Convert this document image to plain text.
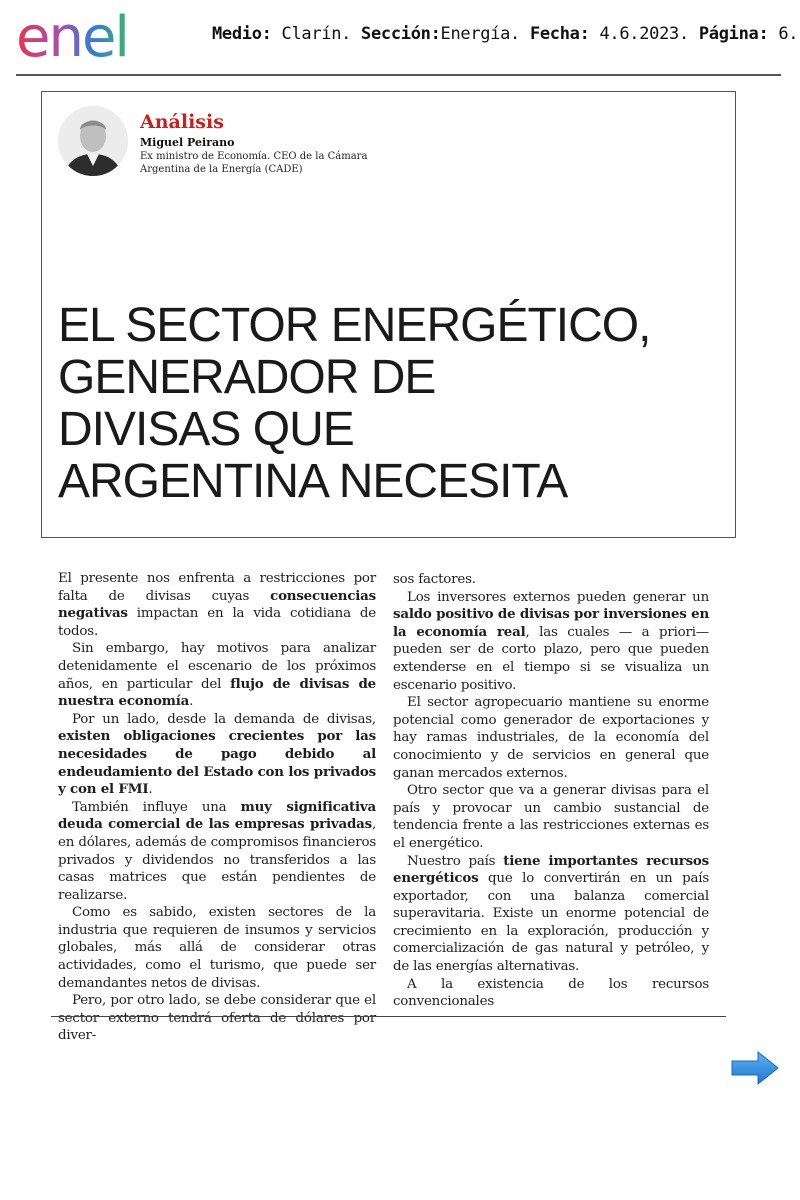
enel	Medio: Clarín. Sección:Energía. Fecha: 4.6.2023. Página: 6.
Análisis
Miguel Peirano
Ex ministro de Economía. CEO de la Cámara Argentina de la Energía (CADE)
EL SECTOR ENERGÉTICO,
GENERADOR DE
DIVISAS QUE
ARGENTINA NECESITA

El presente nos enfrenta a restricciones por falta de divisas cuyas consecuencias negativas impactan en la vida cotidiana de todos.

Sin embargo, hay motivos para analizar detenidamente el escenario de los próximos años, en particular del flujo de divisas de nuestra economía.

Por un lado, desde la demanda de divisas, existen obligaciones crecientes por las necesidades de pago debido al endeudamiento del Estado con los privados y con el FMI.

También influye una muy significativa deuda comercial de las empresas privadas, en dólares, además de compromisos financieros privados y dividendos no transferidos a las casas matrices que están pendientes de realizarse.

Como es sabido, existen sectores de la industria que requieren de insumos y servicios globales, más allá de considerar otras actividades, como el turismo, que puede ser demandantes netos de divisas.

Pero, por otro lado, se debe considerar que el sector externo tendrá oferta de dólares por diver-

sos factores.

Los inversores externos pueden generar un saldo positivo de divisas por inversiones en la economía real, las cuales — a priori— pueden ser de corto plazo, pero que pueden extenderse en el tiempo si se visualiza un escenario positivo.

El sector agropecuario mantiene su enorme potencial como generador de exportaciones y hay ramas industriales, de la economía del conocimiento y de servicios en general que ganan mercados externos.

Otro sector que va a generar divisas para el país y provocar un cambio sustancial de tendencia frente a las restricciones externas es el energético.

Nuestro país tiene importantes recursos energéticos que lo convertirán en un país exportador, con una balanza comercial superavitaria. Existe un enorme potencial de crecimiento en la exploración, producción y comercialización de gas natural y petróleo, y de las energías alternativas.

A la existencia de los recursos convencionales
